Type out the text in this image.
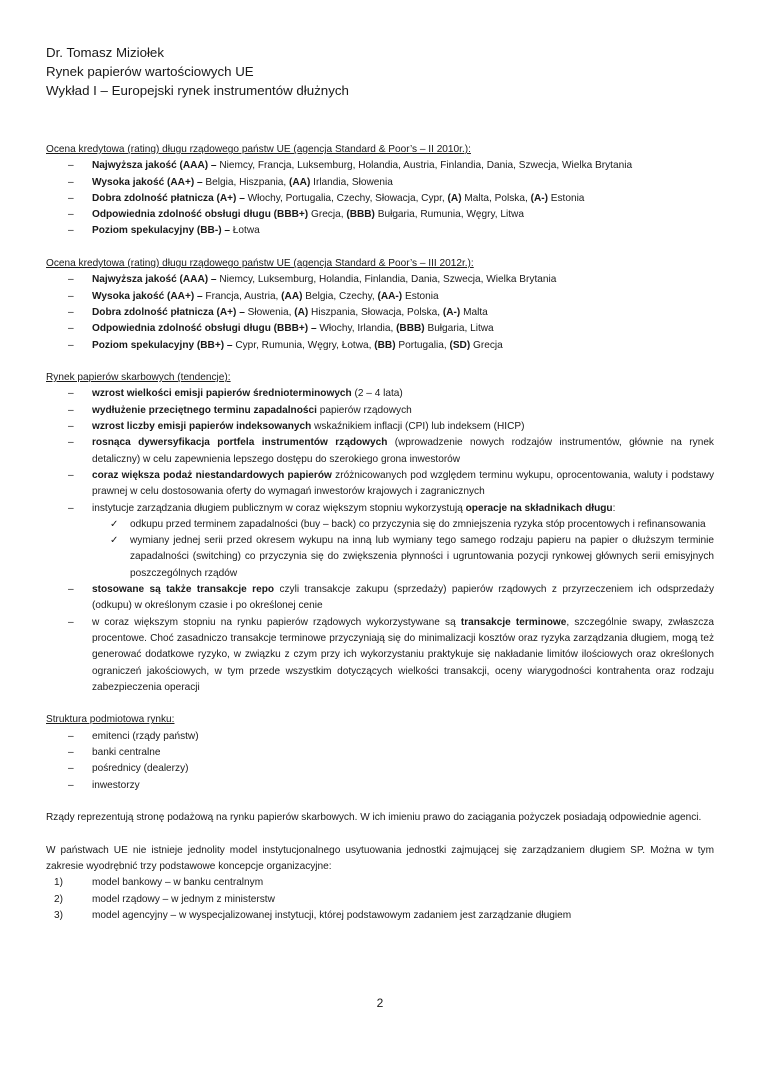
Dr. Tomasz Miziołek
Rynek papierów wartościowych UE
Wykład I – Europejski rynek instrumentów dłużnych
Ocena kredytowa (rating) długu rządowego państw UE (agencja Standard & Poor’s – II 2010r.):
– Najwyższa jakość (AAA) – Niemcy, Francja, Luksemburg, Holandia, Austria, Finlandia, Dania, Szwecja, Wielka Brytania
– Wysoka jakość (AA+) – Belgia, Hiszpania, (AA) Irlandia, Słowenia
– Dobra zdolność płatnicza (A+) – Włochy, Portugalia, Czechy, Słowacja, Cypr, (A) Malta, Polska, (A-) Estonia
– Odpowiednia zdolność obsługi długu (BBB+) Grecja, (BBB) Bułgaria, Rumunia, Węgry, Litwa
– Poziom spekulacyjny (BB-) – Łotwa
Ocena kredytowa (rating) długu rządowego państw UE (agencja Standard & Poor’s – III 2012r.):
– Najwyższa jakość (AAA) – Niemcy, Luksemburg, Holandia, Finlandia, Dania, Szwecja, Wielka Brytania
– Wysoka jakość (AA+) – Francja, Austria, (AA) Belgia, Czechy, (AA-) Estonia
– Dobra zdolność płatnicza (A+) – Słowenia, (A) Hiszpania, Słowacja, Polska, (A-) Malta
– Odpowiednia zdolność obsługi długu (BBB+) – Włochy, Irlandia, (BBB) Bułgaria, Litwa
– Poziom spekulacyjny (BB+) – Cypr, Rumunia, Węgry, Łotwa, (BB) Portugalia, (SD) Grecja
Rynek papierów skarbowych (tendencje):
– wzrost wielkości emisji papierów średnioterminowych (2 – 4 lata)
– wydłużenie przeciętnego terminu zapadalności papierów rządowych
– wzrost liczby emisji papierów indeksowanych wskaźnikiem inflacji (CPI) lub indeksem (HICP)
– rosnąca dywersyfikacja portfela instrumentów rządowych (wprowadzenie nowych rodzajów instrumentów, głównie na rynek detaliczny) w celu zapewnienia lepszego dostępu do szerokiego grona inwestorów
– coraz większa podaż niestandardowych papierów zróżnicowanych pod względem terminu wykupu, oprocentowania, waluty i podstawy prawnej w celu dostosowania oferty do wymagań inwestorów krajowych i zagranicznych
– instytucje zarządzania długiem publicznym w coraz większym stopniu wykorzystują operacje na składnikach długu:
✓ odkupu przed terminem zapadalności (buy – back) co przyczynia się do zmniejszenia ryzyka stóp procentowych i refinansowania
✓ wymiany jednej serii przed okresem wykupu na inną lub wymiany tego samego rodzaju papieru na papier o dłuższym terminie zapadalności (switching) co przyczynia się do zwiększenia płynności i ugruntowania pozycji rynkowej głównych serii emisyjnych poszczególnych rządów
– stosowane są także transakcje repo czyli transakcje zakupu (sprzedaży) papierów rządowych z przyrzeczeniem ich odsprzedaży (odkupu) w określonym czasie i po określonej cenie
– w coraz większym stopniu na rynku papierów rządowych wykorzystywane są transakcje terminowe, szczególnie swapy, zwłaszcza procentowe. Choć zasadniczo transakcje terminowe przyczyniają się do minimalizacji kosztów oraz ryzyka zarządzania długiem, mogą też generować dodatkowe ryzyko, w związku z czym przy ich wykorzystaniu praktykuje się nakładanie limitów ilościowych oraz określonych ograniczeń jakościowych, w tym przede wszystkim dotyczących wielkości transakcji, oceny wiarygodności kontrahenta oraz rodzaju zabezpieczenia operacji
Struktura podmiotowa rynku:
– emitenci (rządy państw)
– banki centralne
– pośrednicy (dealerzy)
– inwestorzy

Rządy reprezentują stronę podażową na rynku papierów skarbowych. W ich imieniu prawo do zaciągania pożyczek posiadają odpowiednie agenci.

W państwach UE nie istnieje jednolity model instytucjonalnego usytuowania jednostki zajmującej się zarządzaniem długiem SP. Można w tym zakresie wyodrębnić trzy podstawowe koncepcje organizacyjne:

1)	model bankowy – w banku centralnym
2)	model rządowy – w jednym z ministerstw
3)	model agencyjny – w wyspecjalizowanej instytucji, której podstawowym zadaniem jest zarządzanie długiem
2
